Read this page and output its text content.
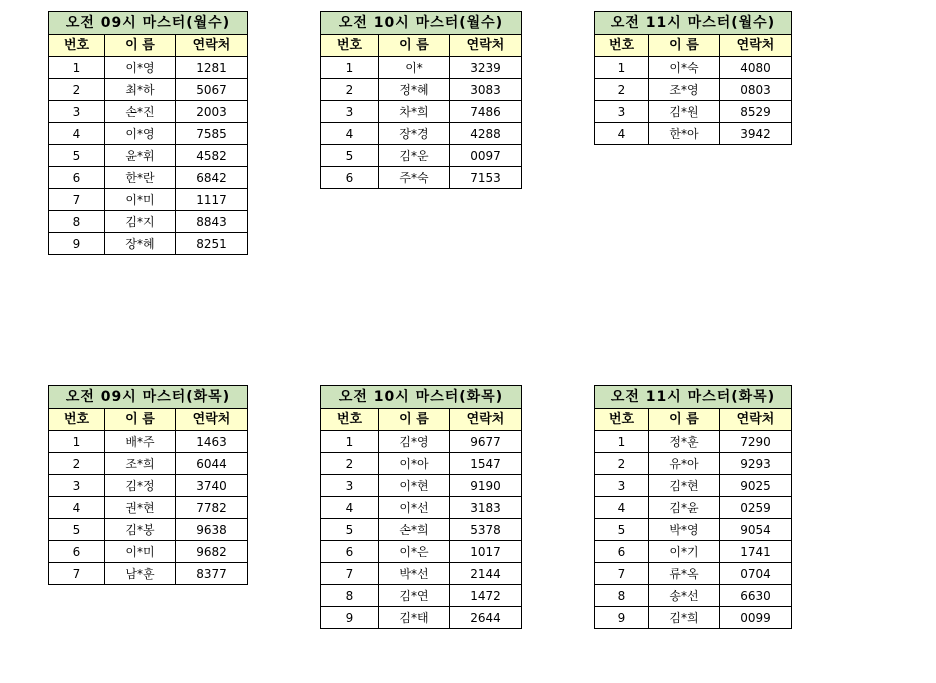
오전 09시 마스터(월수)		
번호	이 름	연락처
1	이*영	1281
2	최*하	5067
3	손*진	2003
4	이*영	7585
5	윤*휘	4582
6	한*란	6842
7	이*미	1117
8	김*지	8843
9	장*혜	8251
오전 10시 마스터(월수)		
번호	이 름	연락처
1	이*	3239
2	정*혜	3083
3	차*희	7486
4	장*경	4288
5	김*운	0097
6	주*숙	7153
오전 11시 마스터(월수)		
번호	이 름	연락처
1	이*숙	4080
2	조*영	0803
3	김*원	8529
4	한*아	3942
오전 09시 마스터(화목)		
번호	이 름	연락처
1	배*주	1463
2	조*희	6044
3	김*정	3740
4	권*현	7782
5	김*봉	9638
6	이*미	9682
7	남*훈	8377
오전 10시 마스터(화목)		
번호	이 름	연락처
1	김*영	9677
2	이*아	1547
3	이*현	9190
4	이*선	3183
5	손*희	5378
6	이*은	1017
7	박*선	2144
8	김*연	1472
9	김*태	2644
오전 11시 마스터(화목)		
번호	이 름	연락처
1	정*훈	7290
2	유*아	9293
3	김*현	9025
4	김*윤	0259
5	박*영	9054
6	이*기	1741
7	류*옥	0704
8	송*선	6630
9	김*희	0099
